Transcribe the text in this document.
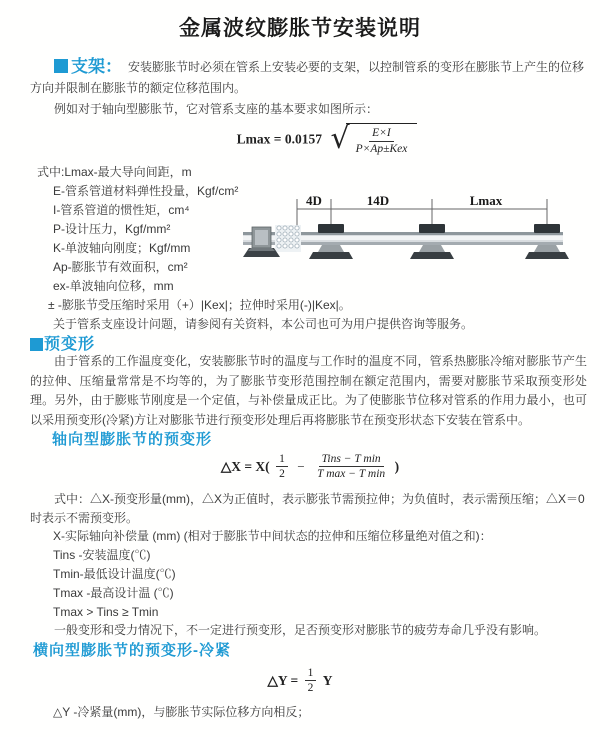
金属波纹膨胀节安装说明

支架： 安装膨胀节时必须在管系上安装必要的支架，以控制管系的变形在膨胀节上产生的位移方向并限制在膨胀节的额定位移范围内。

例如对于轴向型膨胀节，它对管系支座的基本要求如图所示：

Lmax = 0.0157 √ $\frac{E\times I}{\text{P×Ap±Kex}}$
式中:Lmax-最大导向间距，m
E-管系管道材料弹性投量，Kgf/cm²
I-管系管道的惯性矩，cm⁴
P-设计压力，Kgf/mm²
K-单波轴向刚度；Kgf/mm
Ap-膨胀节有效面积，cm²
ex-单波轴向位移，mm
± -膨胀节受压缩时采用（+）|Kex|；拉伸时采用(-)|Kex|。
关于管系支座设计问题，请参阅有关资料，本公司也可为用户提供咨询等服务。
4D	14D	Lmax
预变形

由于管系的工作温度变化，安装膨胀节时的温度与工作时的温度不同，管系热膨胀冷缩对膨胀节产生的拉伸、压缩量常常是不均等的，为了膨胀节变形范围控制在额定范围内，需要对膨胀节采取预变形处理。另外，由于膨账节刚度是一个定值，与补偿量成正比。为了使膨胀节位移对管系的作用力最小，也可以采用预变形(冷紧)方让对膨胀节进行预变形处理后再将膨胀节在预变形状态下安装在管系中。

轴向型膨胀节的预变形
△X = $X( \frac{1}{2} - \frac{\text{Tins − T min}}{\text{T max − T min}}$ )

式中：△X-预变形量(mm)，△X为正值时，表示膨张节需预拉伸；为负值时，表示需预压缩；△X＝0时表示不需预变形。

X-实际轴向补偿量 (mm) (相对于膨胀节中间状态的拉伸和压缩位移量绝对值之和)：
Tins -安装温度(℃)
Tmin-最低设计温度(℃)
Tmax -最高设计温 (℃)
Tmax > Tins ≥ Tmin

一般变形和受力情况下，不一定进行预变形，足否预变形对膨胀节的疲劳寿命几乎没有影响。

横向型膨胀节的预变形-冷紧
△Y = $\frac{1}{2}$ Y

△Y -冷紧量(mm)，与膨胀节实际位移方向相反；
